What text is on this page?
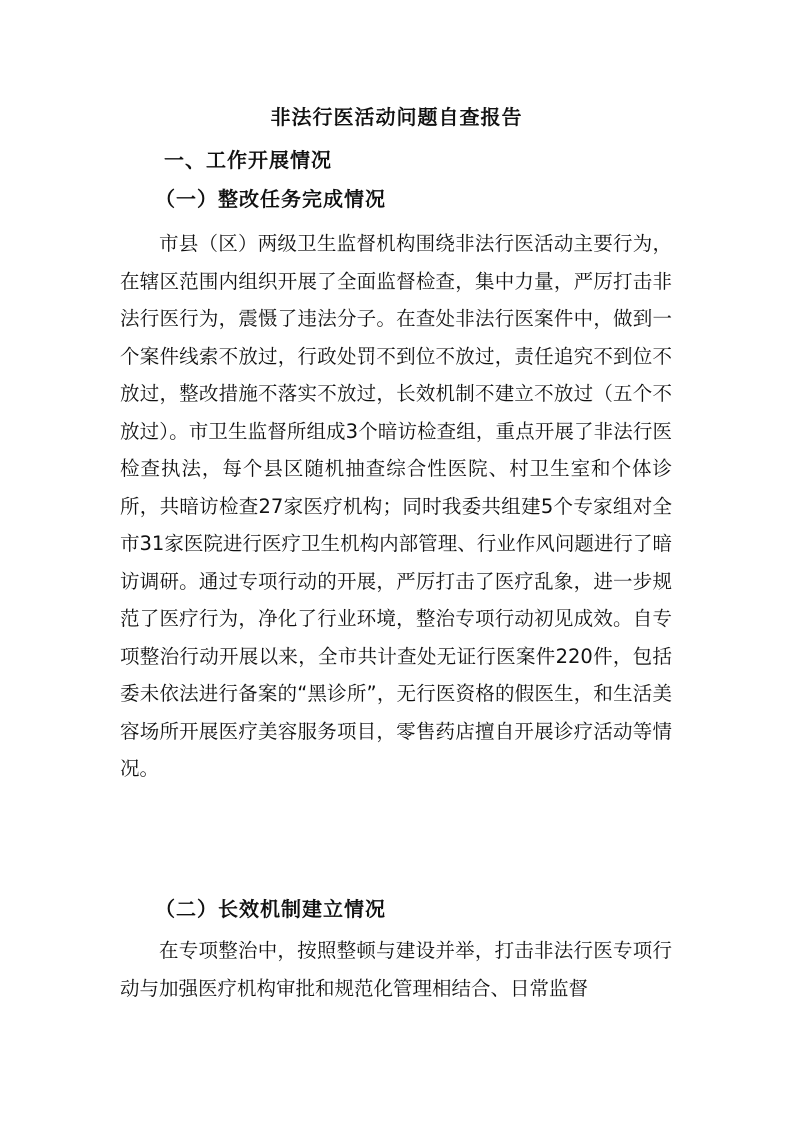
非法行医活动问题自查报告
一、工作开展情况
（一）整改任务完成情况

市县（区）两级卫生监督机构围绕非法行医活动主要行为，在辖区范围内组织开展了全面监督检查，集中力量，严厉打击非法行医行为，震慑了违法分子。在查处非法行医案件中，做到一个案件线索不放过，行政处罚不到位不放过，责任追究不到位不放过，整改措施不落实不放过，长效机制不建立不放过（五个不放过）。市卫生监督所组成3个暗访检查组，重点开展了非法行医检查执法，每个县区随机抽查综合性医院、村卫生室和个体诊所，共暗访检查27家医疗机构；同时我委共组建5个专家组对全市31家医院进行医疗卫生机构内部管理、行业作风问题进行了暗访调研。通过专项行动的开展，严厉打击了医疗乱象，进一步规范了医疗行为，净化了行业环境，整治专项行动初见成效。自专项整治行动开展以来，全市共计查处无证行医案件220件，包括委未依法进行备案的“黑诊所”，无行医资格的假医生，和生活美容场所开展医疗美容服务项目，零售药店擅自开展诊疗活动等情况。

（二）长效机制建立情况

在专项整治中，按照整顿与建设并举，打击非法行医专项行动与加强医疗机构审批和规范化管理相结合、日常监督
